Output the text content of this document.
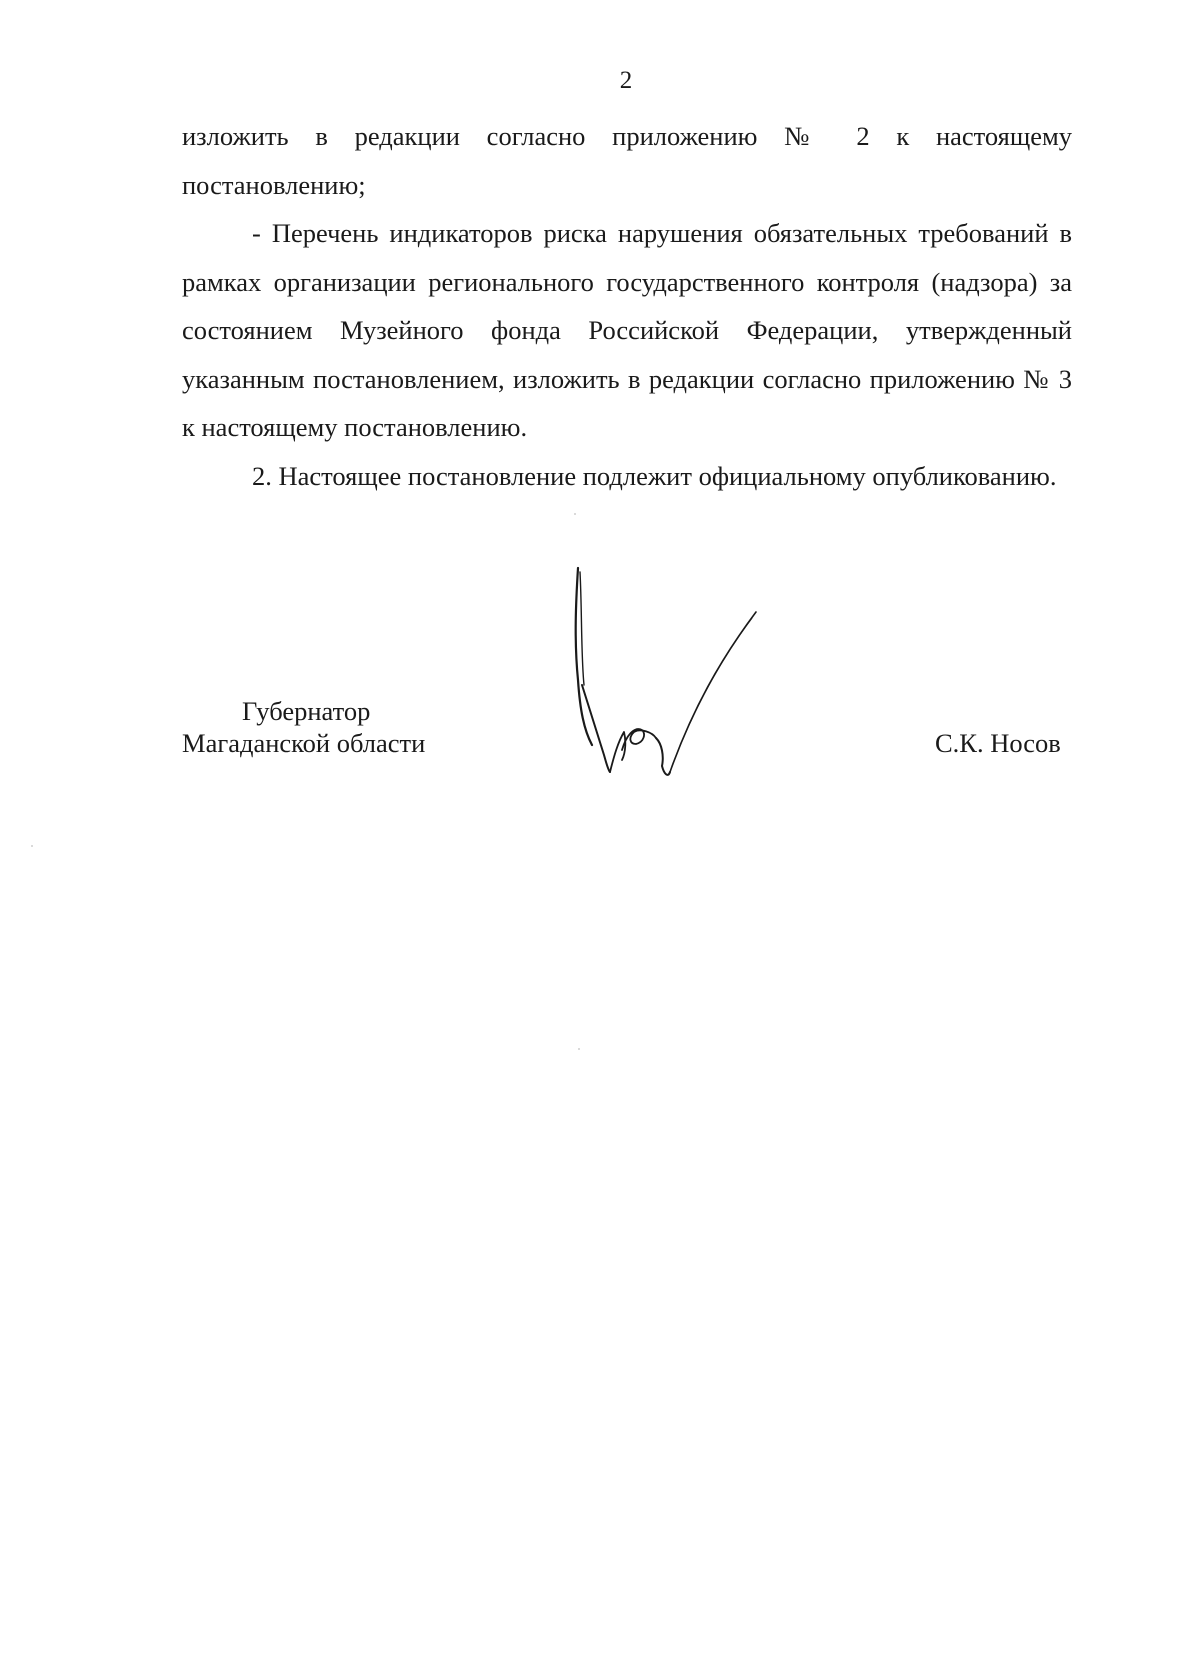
2

изложить в редакции согласно приложению № 2 к настоящему постановлению;

- Перечень индикаторов риска нарушения обязательных требований в рамках организации регионального государственного контроля (надзора) за состоянием Музейного фонда Российской Федерации, утвержденный указанным постановлением, изложить в редакции согласно приложению № 3 к настоящему постановлению.

2. Настоящее постановление подлежит официальному опубликованию.

Губернатор
Магаданской области	С.К. Носов
